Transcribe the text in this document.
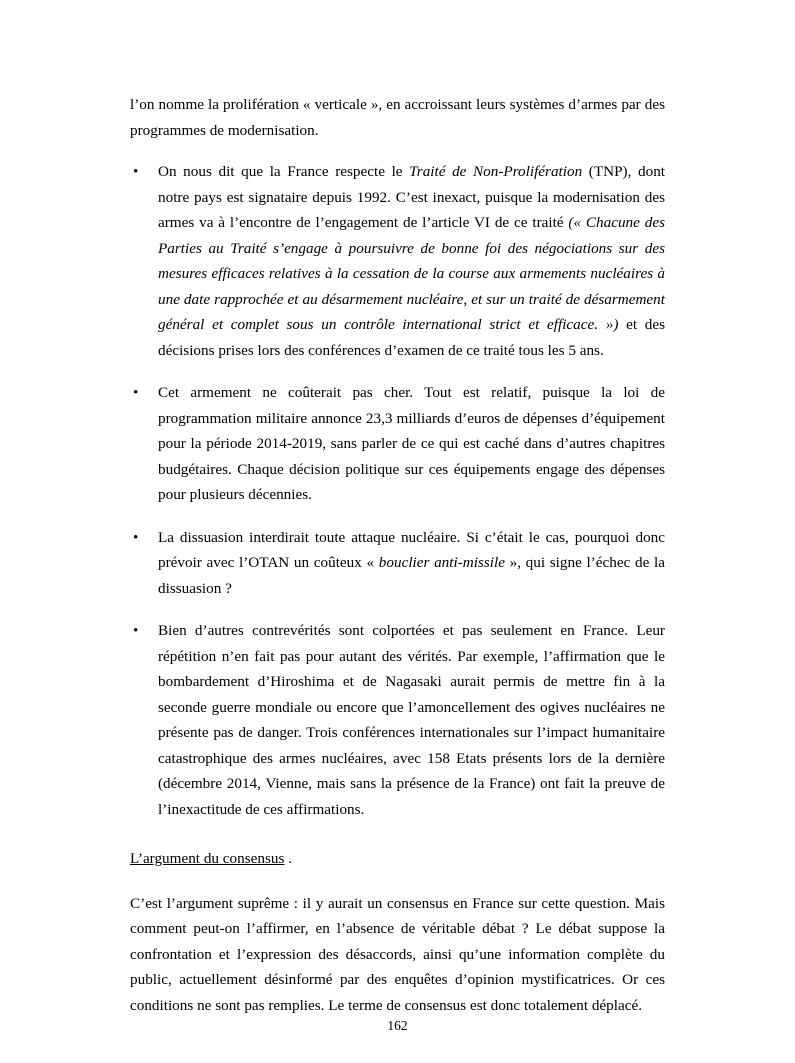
l’on nomme la prolifération « verticale », en accroissant leurs systèmes d’armes par des programmes de modernisation.

• On nous dit que la France respecte le Traité de Non-Prolifération (TNP), dont notre pays est signataire depuis 1992. C’est inexact, puisque la modernisation des armes va à l’encontre de l’engagement de l’article VI de ce traité (« Chacune des Parties au Traité s’engage à poursuivre de bonne foi des négociations sur des mesures efficaces relatives à la cessation de la course aux armements nucléaires à une date rapprochée et au désarmement nucléaire, et sur un traité de désarmement général et complet sous un contrôle international strict et efficace. ») et des décisions prises lors des conférences d’examen de ce traité tous les 5 ans.
• Cet armement ne coûterait pas cher. Tout est relatif, puisque la loi de programmation militaire annonce 23,3 milliards d’euros de dépenses d’équipement pour la période 2014-2019, sans parler de ce qui est caché dans d’autres chapitres budgétaires. Chaque décision politique sur ces équipements engage des dépenses pour plusieurs décennies.
• La dissuasion interdirait toute attaque nucléaire. Si c’était le cas, pourquoi donc prévoir avec l’OTAN un coûteux « bouclier anti-missile », qui signe l’échec de la dissuasion ?
• Bien d’autres contrevérités sont colportées et pas seulement en France. Leur répétition n’en fait pas pour autant des vérités. Par exemple, l’affirmation que le bombardement d’Hiroshima et de Nagasaki aurait permis de mettre fin à la seconde guerre mondiale ou encore que l’amoncellement des ogives nucléaires ne présente pas de danger. Trois conférences internationales sur l’impact humanitaire catastrophique des armes nucléaires, avec 158 Etats présents lors de la dernière (décembre 2014, Vienne, mais sans la présence de la France) ont fait la preuve de l’inexactitude de ces affirmations.
L’argument du consensus .

C’est l’argument suprême : il y aurait un consensus en France sur cette question. Mais comment peut-on l’affirmer, en l’absence de véritable débat ? Le débat suppose la confrontation et l’expression des désaccords, ainsi qu’une information complète du public, actuellement désinformé par des enquêtes d’opinion mystificatrices. Or ces conditions ne sont pas remplies. Le terme de consensus est donc totalement déplacé.

162
